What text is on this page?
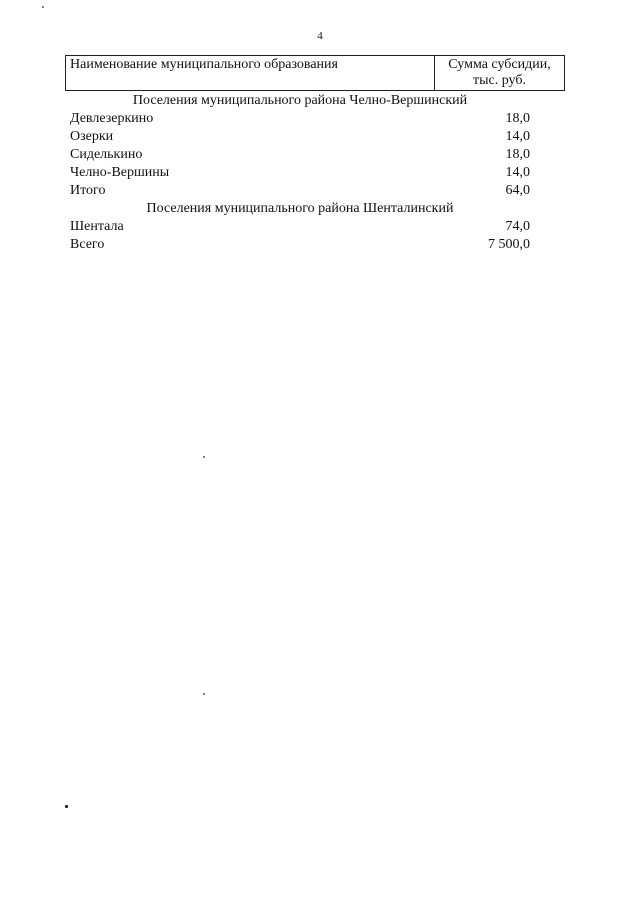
4
Наименование муниципального образования	Сумма субсидии,
тыс. руб.
Поселения муниципального района Челно-Вершинский
Девлезеркино	18,0
Озерки	14,0
Сиделькино	18,0
Челно-Вершины	14,0
Итого	64,0
Поселения муниципального района Шенталинский
Шентала	74,0
Всего	7 500,0
